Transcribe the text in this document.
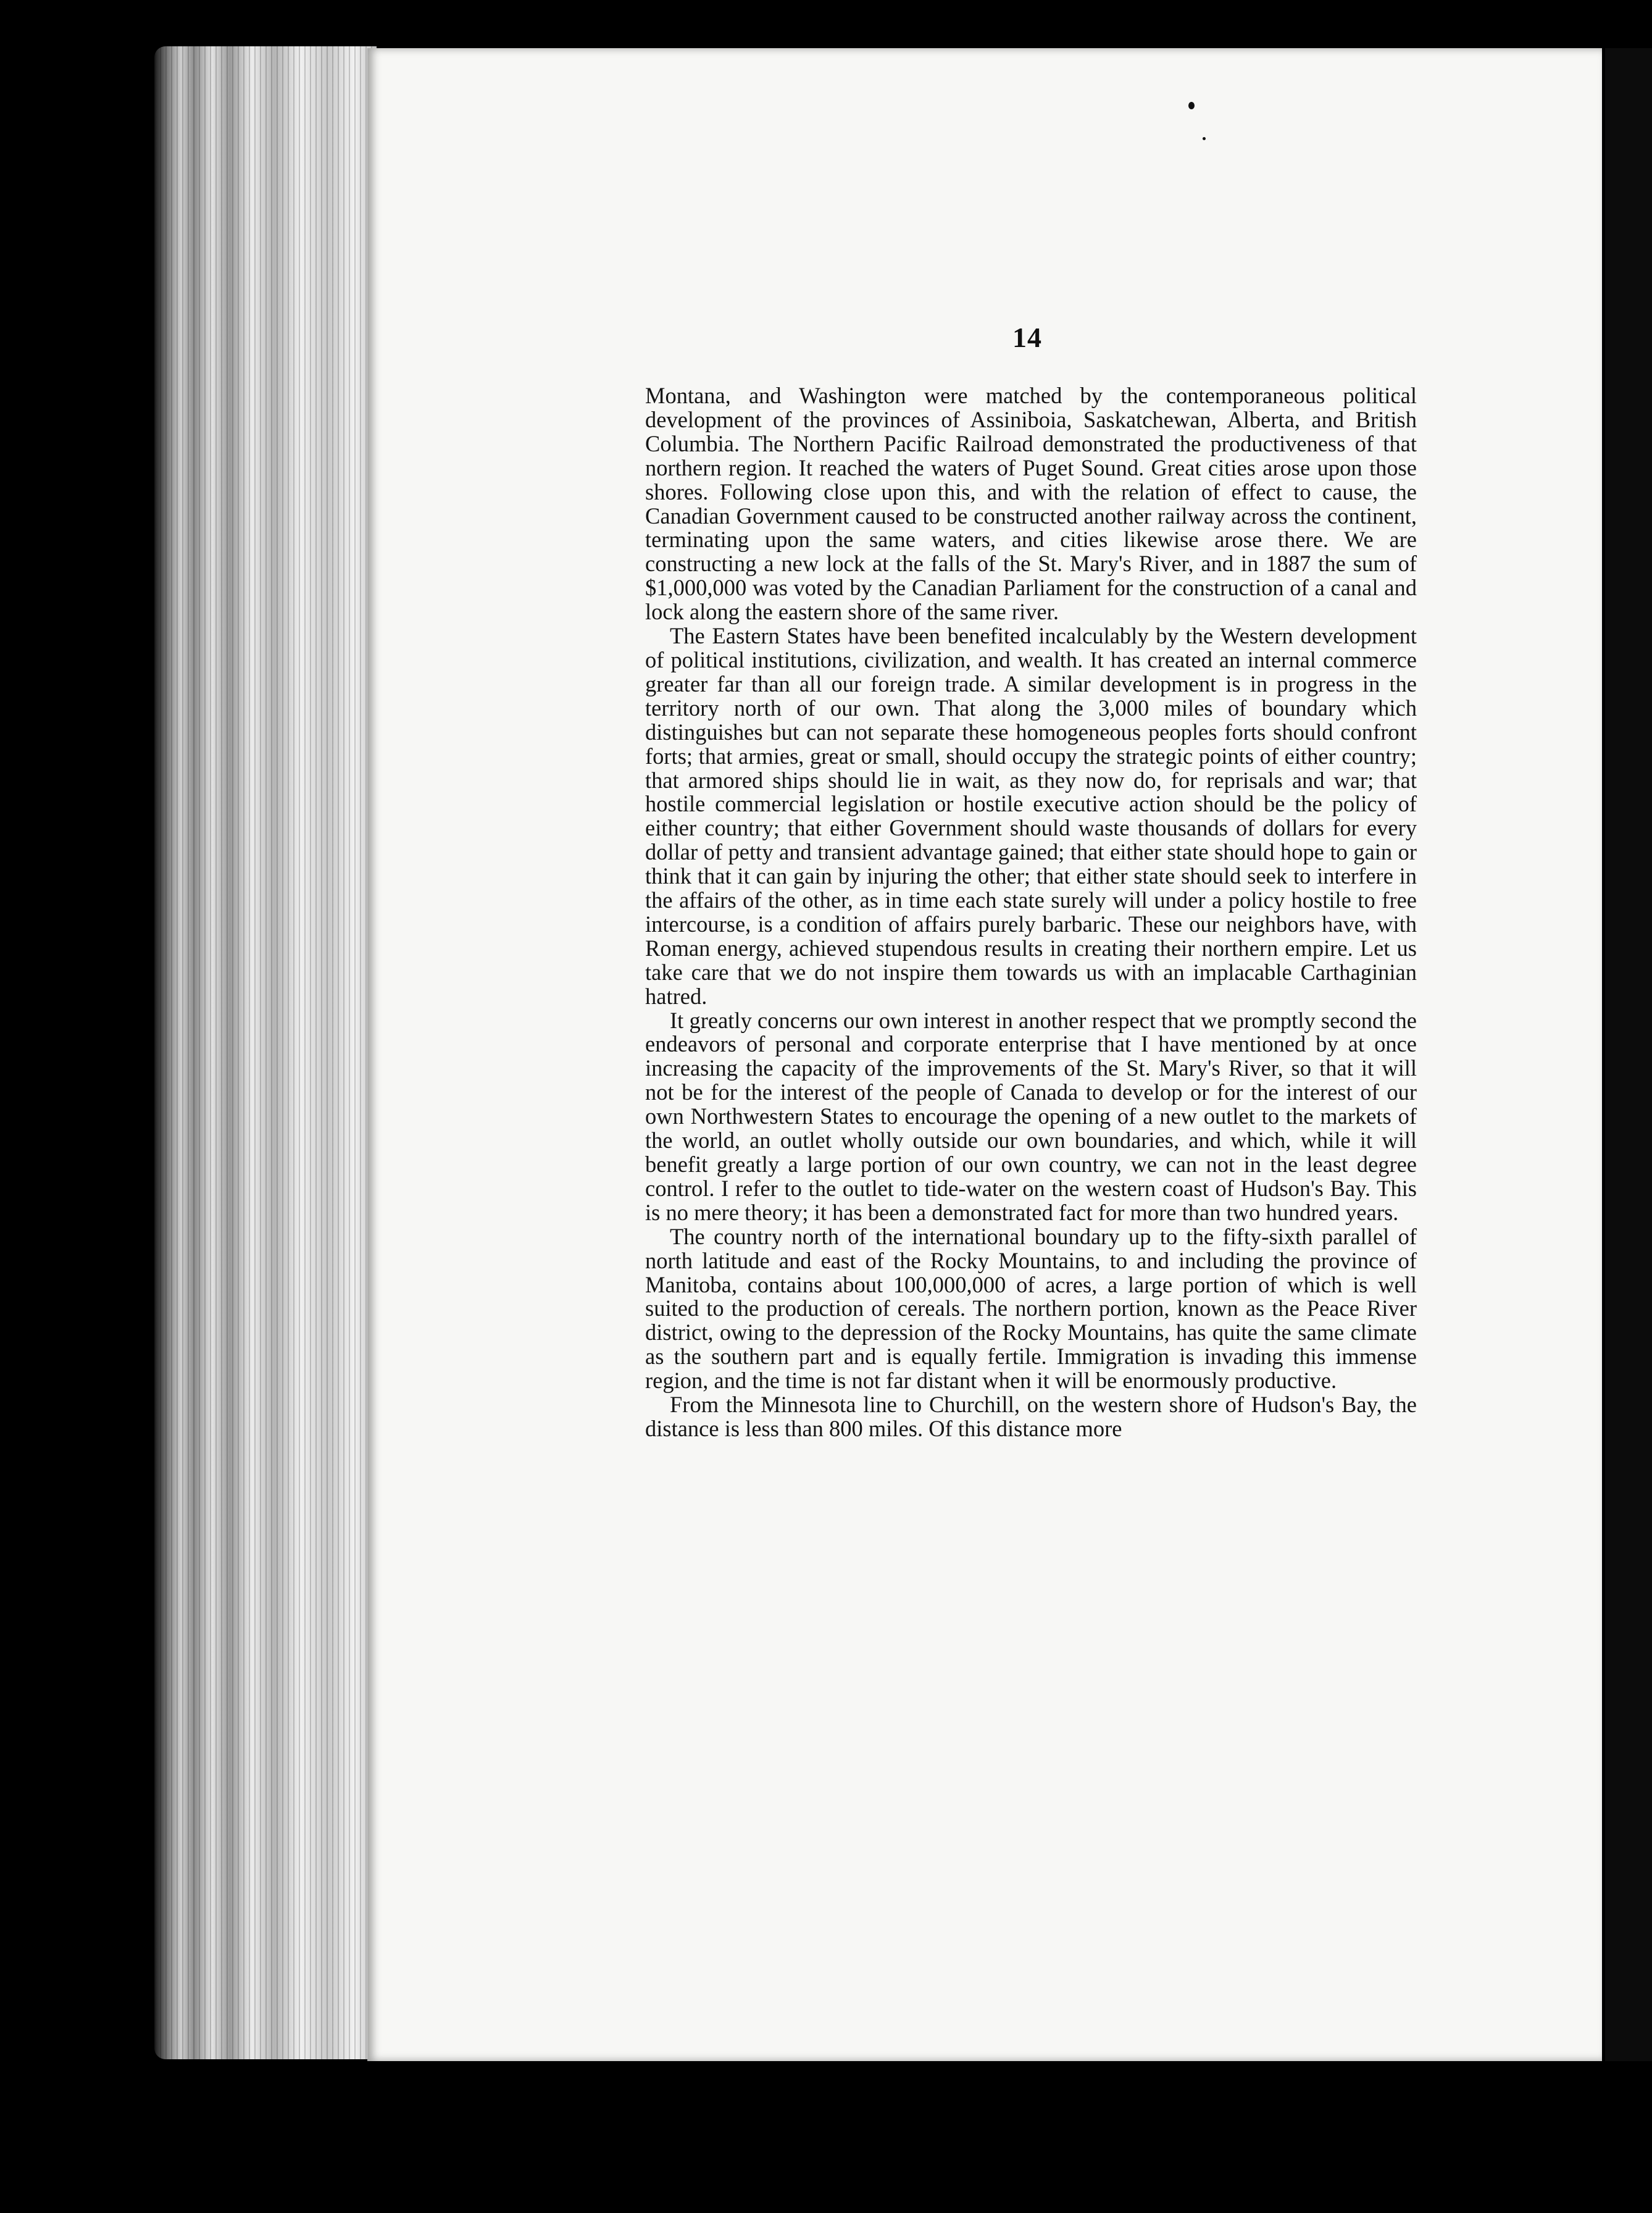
14

Montana, and Washington were matched by the contemporaneous political development of the provinces of Assiniboia, Saskatchewan, Alberta, and British Columbia. The Northern Pacific Railroad demonstrated the productiveness of that northern region. It reached the waters of Puget Sound. Great cities arose upon those shores. Following close upon this, and with the relation of effect to cause, the Canadian Government caused to be constructed another railway across the continent, terminating upon the same waters, and cities likewise arose there. We are constructing a new lock at the falls of the St. Mary's River, and in 1887 the sum of $1,000,000 was voted by the Canadian Parliament for the construction of a canal and lock along the eastern shore of the same river.

The Eastern States have been benefited incalculably by the Western development of political institutions, civilization, and wealth. It has created an internal commerce greater far than all our foreign trade. A similar development is in progress in the territory north of our own. That along the 3,000 miles of boundary which distinguishes but can not separate these homogeneous peoples forts should confront forts; that armies, great or small, should occupy the strategic points of either country; that armored ships should lie in wait, as they now do, for reprisals and war; that hostile commercial legislation or hostile executive action should be the policy of either country; that either Government should waste thousands of dollars for every dollar of petty and transient advantage gained; that either state should hope to gain or think that it can gain by injuring the other; that either state should seek to interfere in the affairs of the other, as in time each state surely will under a policy hostile to free intercourse, is a condition of affairs purely barbaric. These our neighbors have, with Roman energy, achieved stupendous results in creating their northern empire. Let us take care that we do not inspire them towards us with an implacable Carthaginian hatred.

It greatly concerns our own interest in another respect that we promptly second the endeavors of personal and corporate enterprise that I have mentioned by at once increasing the capacity of the improvements of the St. Mary's River, so that it will not be for the interest of the people of Canada to develop or for the interest of our own Northwestern States to encourage the opening of a new outlet to the markets of the world, an outlet wholly outside our own boundaries, and which, while it will benefit greatly a large portion of our own country, we can not in the least degree control. I refer to the outlet to tide-water on the western coast of Hudson's Bay. This is no mere theory; it has been a demonstrated fact for more than two hundred years.

The country north of the international boundary up to the fifty-sixth parallel of north latitude and east of the Rocky Mountains, to and including the province of Manitoba, contains about 100,000,000 of acres, a large portion of which is well suited to the production of cereals. The northern portion, known as the Peace River district, owing to the depression of the Rocky Mountains, has quite the same climate as the southern part and is equally fertile. Immigration is invading this immense region, and the time is not far distant when it will be enormously productive.

From the Minnesota line to Churchill, on the western shore of Hudson's Bay, the distance is less than 800 miles. Of this distance more
